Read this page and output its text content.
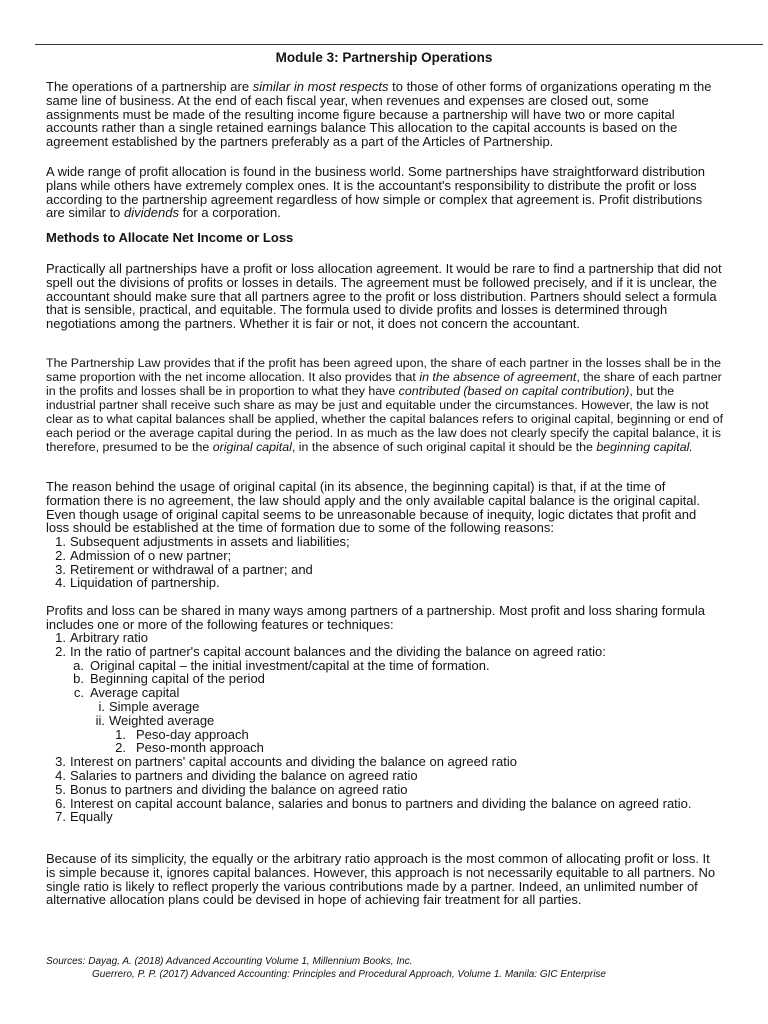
Module 3: Partnership Operations

The operations of a partnership are similar in most respects to those of other forms of organizations operating m the same line of business. At the end of each fiscal year, when revenues and expenses are closed out, some assignments must be made of the resulting income figure because a partnership will have two or more capital accounts rather than a single retained earnings balance This allocation to the capital accounts is based on the agreement established by the partners preferably as a part of the Articles of Partnership.

A wide range of profit allocation is found in the business world. Some partnerships have straightforward distribution plans while others have extremely complex ones. It is the accountant's responsibility to distribute the profit or loss according to the partnership agreement regardless of how simple or complex that agreement is. Profit distributions are similar to dividends for a corporation.

Methods to Allocate Net Income or Loss

Practically all partnerships have a profit or loss allocation agreement. It would be rare to find a partnership that did not spell out the divisions of profits or losses in details. The agreement must be followed precisely, and if it is unclear, the accountant should make sure that all partners agree to the profit or loss distribution. Partners should select a formula that is sensible, practical, and equitable. The formula used to divide profits and losses is determined through negotiations among the partners. Whether it is fair or not, it does not concern the accountant.

The Partnership Law provides that if the profit has been agreed upon, the share of each partner in the losses shall be in the same proportion with the net income allocation. It also provides that in the absence of agreement, the share of each partner in the profits and losses shall be in proportion to what they have contributed (based on capital contribution), but the industrial partner shall receive such share as may be just and equitable under the circumstances. However, the law is not clear as to what capital balances shall be applied, whether the capital balances refers to original capital, beginning or end of each period or the average capital during the period. In as much as the law does not clearly specify the capital balance, it is therefore, presumed to be the original capital, in the absence of such original capital it should be the beginning capital.

The reason behind the usage of original capital (in its absence, the beginning capital) is that, if at the time of formation there is no agreement, the law should apply and the only available capital balance is the original capital. Even though usage of original capital seems to be unreasonable because of inequity, logic dictates that profit and loss should be established at the time of formation due to some of the following reasons:

1. Subsequent adjustments in assets and liabilities;
2. Admission of o new partner;
3. Retirement or withdrawal of a partner; and
4. Liquidation of partnership.

Profits and loss can be shared in many ways among partners of a partnership. Most profit and loss sharing formula includes one or more of the following features or techniques:

1. Arbitrary ratio
2. In the ratio of partner's capital account balances and the dividing the balance on agreed ratio:
a. Original capital – the initial investment/capital at the time of formation.
b. Beginning capital of the period
c. Average capital
i. Simple average
ii. Weighted average
1. Peso-day approach
2. Peso-month approach
3. Interest on partners' capital accounts and dividing the balance on agreed ratio
4. Salaries to partners and dividing the balance on agreed ratio
5. Bonus to partners and dividing the balance on agreed ratio
6. Interest on capital account balance, salaries and bonus to partners and dividing the balance on agreed ratio.
7. Equally

Because of its simplicity, the equally or the arbitrary ratio approach is the most common of allocating profit or loss. It is simple because it, ignores capital balances. However, this approach is not necessarily equitable to all partners. No single ratio is likely to reflect properly the various contributions made by a partner. Indeed, an unlimited number of alternative allocation plans could be devised in hope of achieving fair treatment for all parties.

Sources: Dayag, A. (2018) Advanced Accounting Volume 1, Millennium Books, Inc.
Guerrero, P. P. (2017) Advanced Accounting: Principles and Procedural Approach, Volume 1. Manila: GIC Enterprise
